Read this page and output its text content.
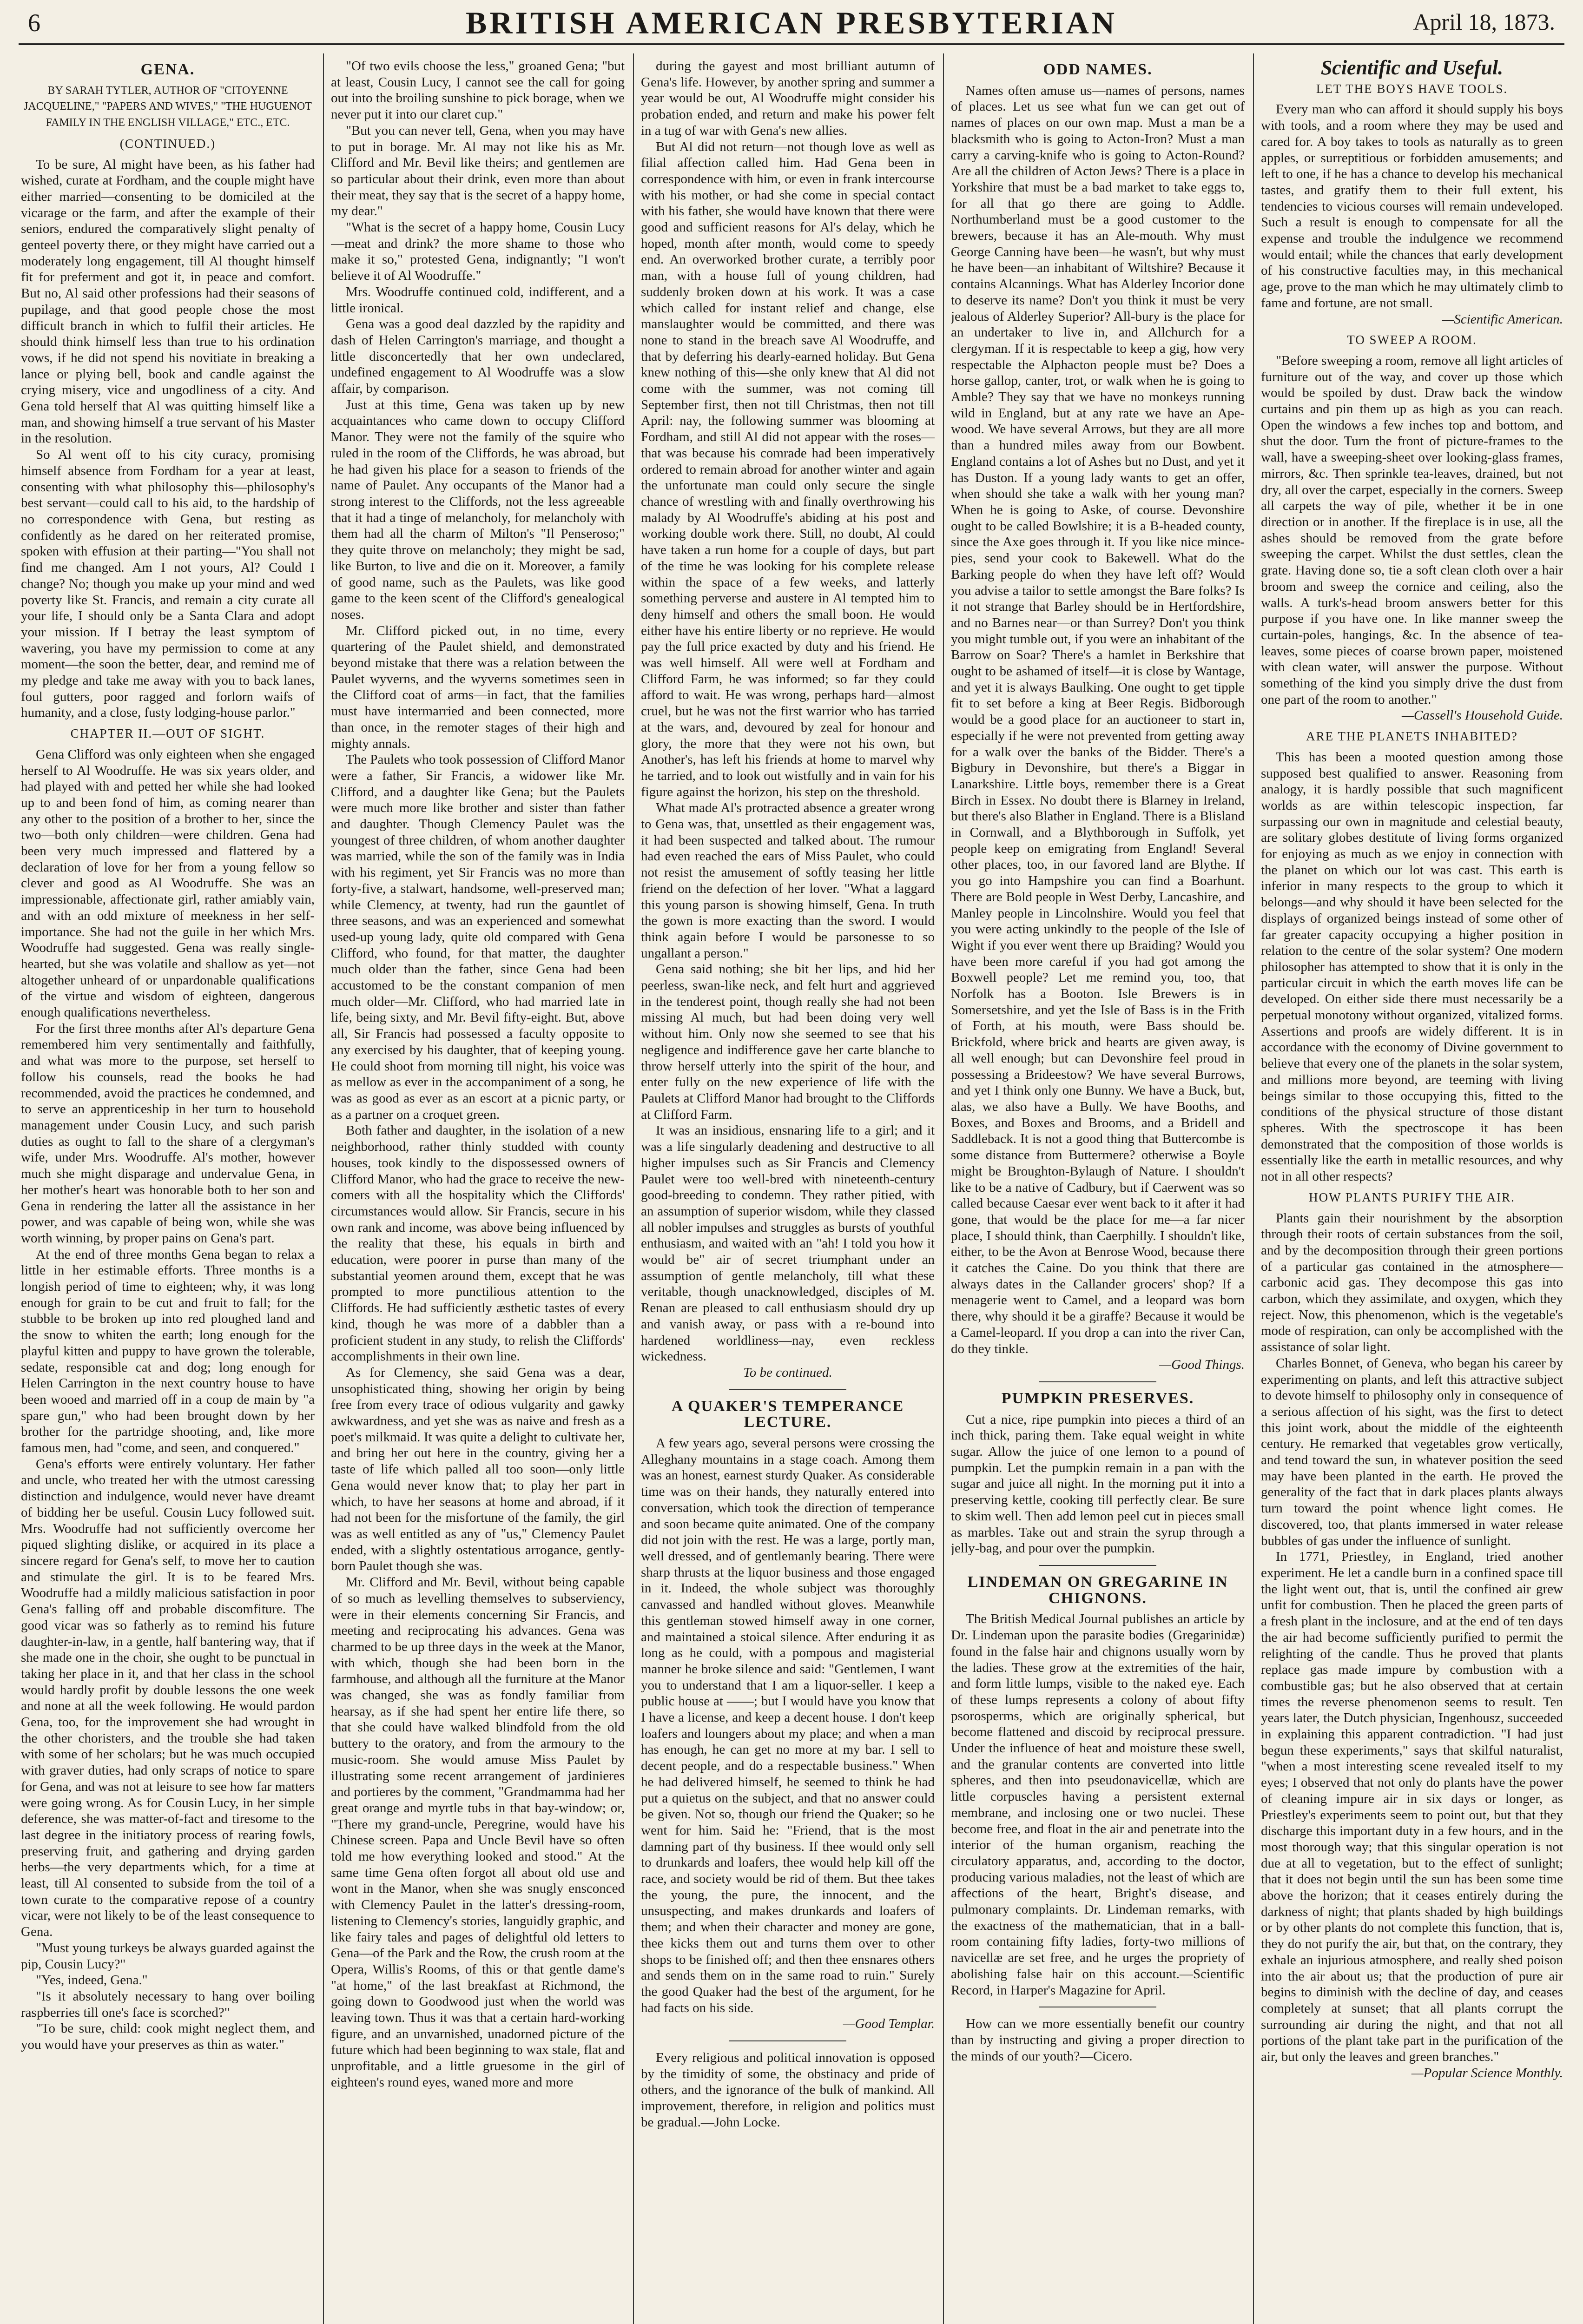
6	BRITISH AMERICAN PRESBYTERIAN	April 18, 1873.
GENA.

BY SARAH TYTLER, AUTHOR OF "CITOYENNE JACQUELINE," "PAPERS AND WIVES," "THE HUGUENOT FAMILY IN THE ENGLISH VILLAGE," ETC., ETC.

(CONTINUED.)

To be sure, Al might have been, as his father had wished, curate at Fordham, and the couple might have either married—consenting to be domiciled at the vicarage or the farm, and after the example of their seniors, endured the comparatively slight penalty of genteel poverty there, or they might have carried out a moderately long engagement, till Al thought himself fit for preferment and got it, in peace and comfort. But no, Al said other professions had their seasons of pupilage, and that good people chose the most difficult branch in which to fulfil their articles. He should think himself less than true to his ordination vows, if he did not spend his novitiate in breaking a lance or plying bell, book and candle against the crying misery, vice and ungodliness of a city. And Gena told herself that Al was quitting himself like a man, and showing himself a true servant of his Master in the resolution.

So Al went off to his city curacy, promising himself absence from Fordham for a year at least, consenting with what philosophy this—philosophy's best servant—could call to his aid, to the hardship of no correspondence with Gena, but resting as confidently as he dared on her reiterated promise, spoken with effusion at their parting—"You shall not find me changed. Am I not yours, Al? Could I change? No; though you make up your mind and wed poverty like St. Francis, and remain a city curate all your life, I should only be a Santa Clara and adopt your mission. If I betray the least symptom of wavering, you have my permission to come at any moment—the soon the better, dear, and remind me of my pledge and take me away with you to back lanes, foul gutters, poor ragged and forlorn waifs of humanity, and a close, fusty lodging-house parlor."

CHAPTER II.—OUT OF SIGHT.

Gena Clifford was only eighteen when she engaged herself to Al Woodruffe. He was six years older, and had played with and petted her while she had looked up to and been fond of him, as coming nearer than any other to the position of a brother to her, since the two—both only children—were children. Gena had been very much impressed and flattered by a declaration of love for her from a young fellow so clever and good as Al Woodruffe. She was an impressionable, affectionate girl, rather amiably vain, and with an odd mixture of meekness in her self-importance. She had not the guile in her which Mrs. Woodruffe had suggested. Gena was really single-hearted, but she was volatile and shallow as yet—not altogether unheard of or unpardonable qualifications of the virtue and wisdom of eighteen, dangerous enough qualifications nevertheless.

For the first three months after Al's departure Gena remembered him very sentimentally and faithfully, and what was more to the purpose, set herself to follow his counsels, read the books he had recommended, avoid the practices he condemned, and to serve an apprenticeship in her turn to household management under Cousin Lucy, and such parish duties as ought to fall to the share of a clergyman's wife, under Mrs. Woodruffe. Al's mother, however much she might disparage and undervalue Gena, in her mother's heart was honorable both to her son and Gena in rendering the latter all the assistance in her power, and was capable of being won, while she was worth winning, by proper pains on Gena's part.

At the end of three months Gena began to relax a little in her estimable efforts. Three months is a longish period of time to eighteen; why, it was long enough for grain to be cut and fruit to fall; for the stubble to be broken up into red ploughed land and the snow to whiten the earth; long enough for the playful kitten and puppy to have grown the tolerable, sedate, responsible cat and dog; long enough for Helen Carrington in the next country house to have been wooed and married off in a coup de main by "a spare gun," who had been brought down by her brother for the partridge shooting, and, like more famous men, had "come, and seen, and conquered."

Gena's efforts were entirely voluntary. Her father and uncle, who treated her with the utmost caressing distinction and indulgence, would never have dreamt of bidding her be useful. Cousin Lucy followed suit. Mrs. Woodruffe had not sufficiently overcome her piqued slighting dislike, or acquired in its place a sincere regard for Gena's self, to move her to caution and stimulate the girl. It is to be feared Mrs. Woodruffe had a mildly malicious satisfaction in poor Gena's falling off and probable discomfiture. The good vicar was so fatherly as to remind his future daughter-in-law, in a gentle, half bantering way, that if she made one in the choir, she ought to be punctual in taking her place in it, and that her class in the school would hardly profit by double lessons the one week and none at all the week following. He would pardon Gena, too, for the improvement she had wrought in the other choristers, and the trouble she had taken with some of her scholars; but he was much occupied with graver duties, had only scraps of notice to spare for Gena, and was not at leisure to see how far matters were going wrong. As for Cousin Lucy, in her simple deference, she was matter-of-fact and tiresome to the last degree in the initiatory process of rearing fowls, preserving fruit, and gathering and drying garden herbs—the very departments which, for a time at least, till Al consented to subside from the toil of a town curate to the comparative repose of a country vicar, were not likely to be of the least consequence to Gena.

"Must young turkeys be always guarded against the pip, Cousin Lucy?"

"Yes, indeed, Gena."

"Is it absolutely necessary to hang over boiling raspberries till one's face is scorched?"

"To be sure, child: cook might neglect them, and you would have your preserves as thin as water."

"Of two evils choose the less," groaned Gena; "but at least, Cousin Lucy, I cannot see the call for going out into the broiling sunshine to pick borage, when we never put it into our claret cup."

"But you can never tell, Gena, when you may have to put in borage. Mr. Al may not like his as Mr. Clifford and Mr. Bevil like theirs; and gentlemen are so particular about their drink, even more than about their meat, they say that is the secret of a happy home, my dear."

"What is the secret of a happy home, Cousin Lucy—meat and drink? the more shame to those who make it so," protested Gena, indignantly; "I won't believe it of Al Woodruffe."

Mrs. Woodruffe continued cold, indifferent, and a little ironical.

Gena was a good deal dazzled by the rapidity and dash of Helen Carrington's marriage, and thought a little disconcertedly that her own undeclared, undefined engagement to Al Woodruffe was a slow affair, by comparison.

Just at this time, Gena was taken up by new acquaintances who came down to occupy Clifford Manor. They were not the family of the squire who ruled in the room of the Cliffords, he was abroad, but he had given his place for a season to friends of the name of Paulet. Any occupants of the Manor had a strong interest to the Cliffords, not the less agreeable that it had a tinge of melancholy, for melancholy with them had all the charm of Milton's "Il Penseroso;" they quite throve on melancholy; they might be sad, like Burton, to live and die on it. Moreover, a family of good name, such as the Paulets, was like good game to the keen scent of the Clifford's genealogical noses.

Mr. Clifford picked out, in no time, every quartering of the Paulet shield, and demonstrated beyond mistake that there was a relation between the Paulet wyverns, and the wyverns sometimes seen in the Clifford coat of arms—in fact, that the families must have intermarried and been connected, more than once, in the remoter stages of their high and mighty annals.

The Paulets who took possession of Clifford Manor were a father, Sir Francis, a widower like Mr. Clifford, and a daughter like Gena; but the Paulets were much more like brother and sister than father and daughter. Though Clemency Paulet was the youngest of three children, of whom another daughter was married, while the son of the family was in India with his regiment, yet Sir Francis was no more than forty-five, a stalwart, handsome, well-preserved man; while Clemency, at twenty, had run the gauntlet of three seasons, and was an experienced and somewhat used-up young lady, quite old compared with Gena Clifford, who found, for that matter, the daughter much older than the father, since Gena had been accustomed to be the constant companion of men much older—Mr. Clifford, who had married late in life, being sixty, and Mr. Bevil fifty-eight. But, above all, Sir Francis had possessed a faculty opposite to any exercised by his daughter, that of keeping young. He could shoot from morning till night, his voice was as mellow as ever in the accompaniment of a song, he was as good as ever as an escort at a picnic party, or as a partner on a croquet green.

Both father and daughter, in the isolation of a new neighborhood, rather thinly studded with county houses, took kindly to the dispossessed owners of Clifford Manor, who had the grace to receive the new-comers with all the hospitality which the Cliffords' circumstances would allow. Sir Francis, secure in his own rank and income, was above being influenced by the reality that these, his equals in birth and education, were poorer in purse than many of the substantial yeomen around them, except that he was prompted to more punctilious attention to the Cliffords. He had sufficiently æsthetic tastes of every kind, though he was more of a dabbler than a proficient student in any study, to relish the Cliffords' accomplishments in their own line.

As for Clemency, she said Gena was a dear, unsophisticated thing, showing her origin by being free from every trace of odious vulgarity and gawky awkwardness, and yet she was as naive and fresh as a poet's milkmaid. It was quite a delight to cultivate her, and bring her out here in the country, giving her a taste of life which palled all too soon—only little Gena would never know that; to play her part in which, to have her seasons at home and abroad, if it had not been for the misfortune of the family, the girl was as well entitled as any of "us," Clemency Paulet ended, with a slightly ostentatious arrogance, gently-born Paulet though she was.

Mr. Clifford and Mr. Bevil, without being capable of so much as levelling themselves to subserviency, were in their elements concerning Sir Francis, and meeting and reciprocating his advances. Gena was charmed to be up three days in the week at the Manor, with which, though she had been born in the farmhouse, and although all the furniture at the Manor was changed, she was as fondly familiar from hearsay, as if she had spent her entire life there, so that she could have walked blindfold from the old buttery to the oratory, and from the armoury to the music-room. She would amuse Miss Paulet by illustrating some recent arrangement of jardinieres and portieres by the comment, "Grandmamma had her great orange and myrtle tubs in that bay-window; or, "There my grand-uncle, Peregrine, would have his Chinese screen. Papa and Uncle Bevil have so often told me how everything looked and stood." At the same time Gena often forgot all about old use and wont in the Manor, when she was snugly ensconced with Clemency Paulet in the latter's dressing-room, listening to Clemency's stories, languidly graphic, and like fairy tales and pages of delightful old letters to Gena—of the Park and the Row, the crush room at the Opera, Willis's Rooms, of this or that gentle dame's "at home," of the last breakfast at Richmond, the going down to Goodwood just when the world was leaving town. Thus it was that a certain hard-working figure, and an unvarnished, unadorned picture of the future which had been beginning to wax stale, flat and unprofitable, and a little gruesome in the girl of eighteen's round eyes, waned more and more

during the gayest and most brilliant autumn of Gena's life. However, by another spring and summer a year would be out, Al Woodruffe might consider his probation ended, and return and make his power felt in a tug of war with Gena's new allies.

But Al did not return—not though love as well as filial affection called him. Had Gena been in correspondence with him, or even in frank intercourse with his mother, or had she come in special contact with his father, she would have known that there were good and sufficient reasons for Al's delay, which he hoped, month after month, would come to speedy end. An overworked brother curate, a terribly poor man, with a house full of young children, had suddenly broken down at his work. It was a case which called for instant relief and change, else manslaughter would be committed, and there was none to stand in the breach save Al Woodruffe, and that by deferring his dearly-earned holiday. But Gena knew nothing of this—she only knew that Al did not come with the summer, was not coming till September first, then not till Christmas, then not till April: nay, the following summer was blooming at Fordham, and still Al did not appear with the roses—that was because his comrade had been imperatively ordered to remain abroad for another winter and again the unfortunate man could only secure the single chance of wrestling with and finally overthrowing his malady by Al Woodruffe's abiding at his post and working double work there. Still, no doubt, Al could have taken a run home for a couple of days, but part of the time he was looking for his complete release within the space of a few weeks, and latterly something perverse and austere in Al tempted him to deny himself and others the small boon. He would either have his entire liberty or no reprieve. He would pay the full price exacted by duty and his friend. He was well himself. All were well at Fordham and Clifford Farm, he was informed; so far they could afford to wait. He was wrong, perhaps hard—almost cruel, but he was not the first warrior who has tarried at the wars, and, devoured by zeal for honour and glory, the more that they were not his own, but Another's, has left his friends at home to marvel why he tarried, and to look out wistfully and in vain for his figure against the horizon, his step on the threshold.

What made Al's protracted absence a greater wrong to Gena was, that, unsettled as their engagement was, it had been suspected and talked about. The rumour had even reached the ears of Miss Paulet, who could not resist the amusement of softly teasing her little friend on the defection of her lover. "What a laggard this young parson is showing himself, Gena. In truth the gown is more exacting than the sword. I would think again before I would be parsonesse to so ungallant a person."

Gena said nothing; she bit her lips, and hid her peerless, swan-like neck, and felt hurt and aggrieved in the tenderest point, though really she had not been missing Al much, but had been doing very well without him. Only now she seemed to see that his negligence and indifference gave her carte blanche to throw herself utterly into the spirit of the hour, and enter fully on the new experience of life with the Paulets at Clifford Manor had brought to the Cliffords at Clifford Farm.

It was an insidious, ensnaring life to a girl; and it was a life singularly deadening and destructive to all higher impulses such as Sir Francis and Clemency Paulet were too well-bred with nineteenth-century good-breeding to condemn. They rather pitied, with an assumption of superior wisdom, while they classed all nobler impulses and struggles as bursts of youthful enthusiasm, and waited with an "ah! I told you how it would be" air of secret triumphant under an assumption of gentle melancholy, till what these veritable, though unacknowledged, disciples of M. Renan are pleased to call enthusiasm should dry up and vanish away, or pass with a re-bound into hardened worldliness—nay, even reckless wickedness.

To be continued.

A QUAKER'S TEMPERANCE LECTURE.

A few years ago, several persons were crossing the Alleghany mountains in a stage coach. Among them was an honest, earnest sturdy Quaker. As considerable time was on their hands, they naturally entered into conversation, which took the direction of temperance and soon became quite animated. One of the company did not join with the rest. He was a large, portly man, well dressed, and of gentlemanly bearing. There were sharp thrusts at the liquor business and those engaged in it. Indeed, the whole subject was thoroughly canvassed and handled without gloves. Meanwhile this gentleman stowed himself away in one corner, and maintained a stoical silence. After enduring it as long as he could, with a pompous and magisterial manner he broke silence and said: "Gentlemen, I want you to understand that I am a liquor-seller. I keep a public house at ——; but I would have you know that I have a license, and keep a decent house. I don't keep loafers and loungers about my place; and when a man has enough, he can get no more at my bar. I sell to decent people, and do a respectable business." When he had delivered himself, he seemed to think he had put a quietus on the subject, and that no answer could be given. Not so, though our friend the Quaker; so he went for him. Said he: "Friend, that is the most damning part of thy business. If thee would only sell to drunkards and loafers, thee would help kill off the race, and society would be rid of them. But thee takes the young, the pure, the innocent, and the unsuspecting, and makes drunkards and loafers of them; and when their character and money are gone, thee kicks them out and turns them over to other shops to be finished off; and then thee ensnares others and sends them on in the same road to ruin." Surely the good Quaker had the best of the argument, for he had facts on his side.

—Good Templar.

Every religious and political innovation is opposed by the timidity of some, the obstinacy and pride of others, and the ignorance of the bulk of mankind. All improvement, therefore, in religion and politics must be gradual.—John Locke.

ODD NAMES.

Names often amuse us—names of persons, names of places. Let us see what fun we can get out of names of places on our own map. Must a man be a blacksmith who is going to Acton-Iron? Must a man carry a carving-knife who is going to Acton-Round? Are all the children of Acton Jews? There is a place in Yorkshire that must be a bad market to take eggs to, for all that go there are going to Addle. Northumberland must be a good customer to the brewers, because it has an Ale-mouth. Why must George Canning have been—he wasn't, but why must he have been—an inhabitant of Wiltshire? Because it contains Alcannings. What has Alderley Incorior done to deserve its name? Don't you think it must be very jealous of Alderley Superior? All-bury is the place for an undertaker to live in, and Allchurch for a clergyman. If it is respectable to keep a gig, how very respectable the Alphacton people must be? Does a horse gallop, canter, trot, or walk when he is going to Amble? They say that we have no monkeys running wild in England, but at any rate we have an Ape-wood. We have several Arrows, but they are all more than a hundred miles away from our Bowbent. England contains a lot of Ashes but no Dust, and yet it has Duston. If a young lady wants to get an offer, when should she take a walk with her young man? When he is going to Aske, of course. Devonshire ought to be called Bowlshire; it is a B-headed county, since the Axe goes through it. If you like nice mince-pies, send your cook to Bakewell. What do the Barking people do when they have left off? Would you advise a tailor to settle amongst the Bare folks? Is it not strange that Barley should be in Hertfordshire, and no Barnes near—or than Surrey? Don't you think you might tumble out, if you were an inhabitant of the Barrow on Soar? There's a hamlet in Berkshire that ought to be ashamed of itself—it is close by Wantage, and yet it is always Baulking. One ought to get tipple fit to set before a king at Beer Regis. Bidborough would be a good place for an auctioneer to start in, especially if he were not prevented from getting away for a walk over the banks of the Bidder. There's a Bigbury in Devonshire, but there's a Biggar in Lanarkshire. Little boys, remember there is a Great Birch in Essex. No doubt there is Blarney in Ireland, but there's also Blather in England. There is a Blisland in Cornwall, and a Blythborough in Suffolk, yet people keep on emigrating from England! Several other places, too, in our favored land are Blythe. If you go into Hampshire you can find a Boarhunt. There are Bold people in West Derby, Lancashire, and Manley people in Lincolnshire. Would you feel that you were acting unkindly to the people of the Isle of Wight if you ever went there up Braiding? Would you have been more careful if you had got among the Boxwell people? Let me remind you, too, that Norfolk has a Booton. Isle Brewers is in Somersetshire, and yet the Isle of Bass is in the Frith of Forth, at his mouth, were Bass should be. Brickfold, where brick and hearts are given away, is all well enough; but can Devonshire feel proud in possessing a Brideestow? We have several Burrows, and yet I think only one Bunny. We have a Buck, but, alas, we also have a Bully. We have Booths, and Boxes, and Boxes and Brooms, and a Bridell and Saddleback. It is not a good thing that Buttercombe is some distance from Buttermere? otherwise a Boyle might be Broughton-Bylaugh of Nature. I shouldn't like to be a native of Cadbury, but if Caerwent was so called because Caesar ever went back to it after it had gone, that would be the place for me—a far nicer place, I should think, than Caerphilly. I shouldn't like, either, to be the Avon at Benrose Wood, because there it catches the Caine. Do you think that there are always dates in the Callander grocers' shop? If a menagerie went to Camel, and a leopard was born there, why should it be a giraffe? Because it would be a Camel-leopard. If you drop a can into the river Can, do they tinkle.

—Good Things.

PUMPKIN PRESERVES.

Cut a nice, ripe pumpkin into pieces a third of an inch thick, paring them. Take equal weight in white sugar. Allow the juice of one lemon to a pound of pumpkin. Let the pumpkin remain in a pan with the sugar and juice all night. In the morning put it into a preserving kettle, cooking till perfectly clear. Be sure to skim well. Then add lemon peel cut in pieces small as marbles. Take out and strain the syrup through a jelly-bag, and pour over the pumpkin.

LINDEMAN ON GREGARINE IN CHIGNONS.

The British Medical Journal publishes an article by Dr. Lindeman upon the parasite bodies (Gregarinidæ) found in the false hair and chignons usually worn by the ladies. These grow at the extremities of the hair, and form little lumps, visible to the naked eye. Each of these lumps represents a colony of about fifty psorosperms, which are originally spherical, but become flattened and discoid by reciprocal pressure. Under the influence of heat and moisture these swell, and the granular contents are converted into little spheres, and then into pseudonavicellæ, which are little corpuscles having a persistent external membrane, and inclosing one or two nuclei. These become free, and float in the air and penetrate into the interior of the human organism, reaching the circulatory apparatus, and, according to the doctor, producing various maladies, not the least of which are affections of the heart, Bright's disease, and pulmonary complaints. Dr. Lindeman remarks, with the exactness of the mathematician, that in a ball-room containing fifty ladies, forty-two millions of navicellæ are set free, and he urges the propriety of abolishing false hair on this account.—Scientific Record, in Harper's Magazine for April.

How can we more essentially benefit our country than by instructing and giving a proper direction to the minds of our youth?—Cicero.

Scientific and Useful.
LET THE BOYS HAVE TOOLS.

Every man who can afford it should supply his boys with tools, and a room where they may be used and cared for. A boy takes to tools as naturally as to green apples, or surreptitious or forbidden amusements; and left to one, if he has a chance to develop his mechanical tastes, and gratify them to their full extent, his tendencies to vicious courses will remain undeveloped. Such a result is enough to compensate for all the expense and trouble the indulgence we recommend would entail; while the chances that early development of his constructive faculties may, in this mechanical age, prove to the man which he may ultimately climb to fame and fortune, are not small.

—Scientific American.

TO SWEEP A ROOM.

"Before sweeping a room, remove all light articles of furniture out of the way, and cover up those which would be spoiled by dust. Draw back the window curtains and pin them up as high as you can reach. Open the windows a few inches top and bottom, and shut the door. Turn the front of picture-frames to the wall, have a sweeping-sheet over looking-glass frames, mirrors, &c. Then sprinkle tea-leaves, drained, but not dry, all over the carpet, especially in the corners. Sweep all carpets the way of pile, whether it be in one direction or in another. If the fireplace is in use, all the ashes should be removed from the grate before sweeping the carpet. Whilst the dust settles, clean the grate. Having done so, tie a soft clean cloth over a hair broom and sweep the cornice and ceiling, also the walls. A turk's-head broom answers better for this purpose if you have one. In like manner sweep the curtain-poles, hangings, &c. In the absence of tea-leaves, some pieces of coarse brown paper, moistened with clean water, will answer the purpose. Without something of the kind you simply drive the dust from one part of the room to another."

—Cassell's Household Guide.

ARE THE PLANETS INHABITED?

This has been a mooted question among those supposed best qualified to answer. Reasoning from analogy, it is hardly possible that such magnificent worlds as are within telescopic inspection, far surpassing our own in magnitude and celestial beauty, are solitary globes destitute of living forms organized for enjoying as much as we enjoy in connection with the planet on which our lot was cast. This earth is inferior in many respects to the group to which it belongs—and why should it have been selected for the displays of organized beings instead of some other of far greater capacity occupying a higher position in relation to the centre of the solar system? One modern philosopher has attempted to show that it is only in the particular circuit in which the earth moves life can be developed. On either side there must necessarily be a perpetual monotony without organized, vitalized forms. Assertions and proofs are widely different. It is in accordance with the economy of Divine government to believe that every one of the planets in the solar system, and millions more beyond, are teeming with living beings similar to those occupying this, fitted to the conditions of the physical structure of those distant spheres. With the spectroscope it has been demonstrated that the composition of those worlds is essentially like the earth in metallic resources, and why not in all other respects?

HOW PLANTS PURIFY THE AIR.

Plants gain their nourishment by the absorption through their roots of certain substances from the soil, and by the decomposition through their green portions of a particular gas contained in the atmosphere—carbonic acid gas. They decompose this gas into carbon, which they assimilate, and oxygen, which they reject. Now, this phenomenon, which is the vegetable's mode of respiration, can only be accomplished with the assistance of solar light.

Charles Bonnet, of Geneva, who began his career by experimenting on plants, and left this attractive subject to devote himself to philosophy only in consequence of a serious affection of his sight, was the first to detect this joint work, about the middle of the eighteenth century. He remarked that vegetables grow vertically, and tend toward the sun, in whatever position the seed may have been planted in the earth. He proved the generality of the fact that in dark places plants always turn toward the point whence light comes. He discovered, too, that plants immersed in water release bubbles of gas under the influence of sunlight.

In 1771, Priestley, in England, tried another experiment. He let a candle burn in a confined space till the light went out, that is, until the confined air grew unfit for combustion. Then he placed the green parts of a fresh plant in the inclosure, and at the end of ten days the air had become sufficiently purified to permit the relighting of the candle. Thus he proved that plants replace gas made impure by combustion with a combustible gas; but he also observed that at certain times the reverse phenomenon seems to result. Ten years later, the Dutch physician, Ingenhousz, succeeded in explaining this apparent contradiction. "I had just begun these experiments," says that skilful naturalist, "when a most interesting scene revealed itself to my eyes; I observed that not only do plants have the power of cleaning impure air in six days or longer, as Priestley's experiments seem to point out, but that they discharge this important duty in a few hours, and in the most thorough way; that this singular operation is not due at all to vegetation, but to the effect of sunlight; that it does not begin until the sun has been some time above the horizon; that it ceases entirely during the darkness of night; that plants shaded by high buildings or by other plants do not complete this function, that is, they do not purify the air, but that, on the contrary, they exhale an injurious atmosphere, and really shed poison into the air about us; that the production of pure air begins to diminish with the decline of day, and ceases completely at sunset; that all plants corrupt the surrounding air during the night, and that not all portions of the plant take part in the purification of the air, but only the leaves and green branches."

—Popular Science Monthly.
